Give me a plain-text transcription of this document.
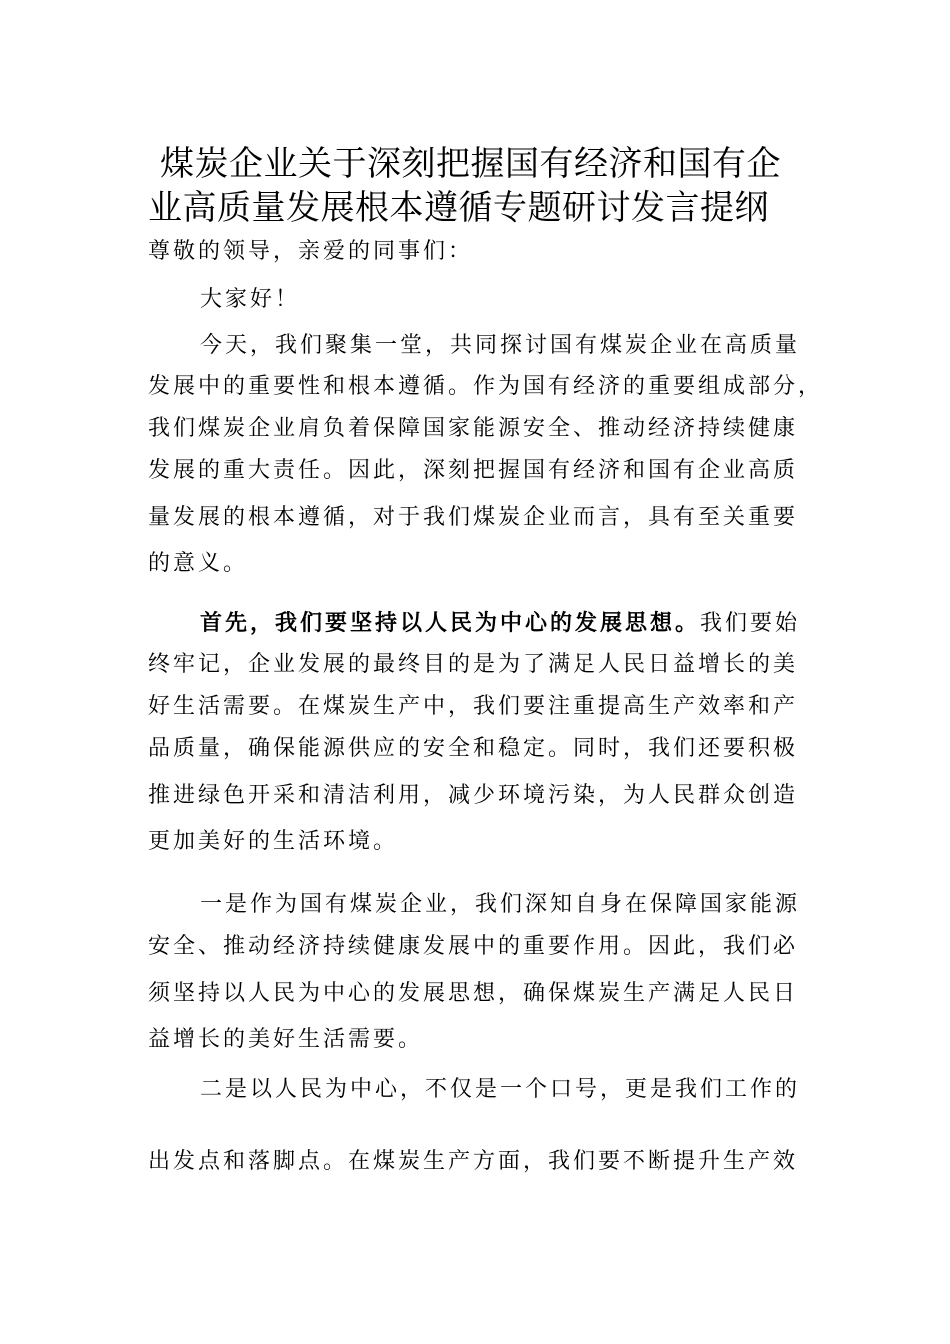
煤炭企业关于深刻把握国有经济和国有企
业高质量发展根本遵循专题研讨发言提纲

尊敬的领导，亲爱的同事们：

大家好！

今天，我们聚集一堂，共同探讨国有煤炭企业在高质量
发展中的重要性和根本遵循。作为国有经济的重要组成部分，
我们煤炭企业肩负着保障国家能源安全、推动经济持续健康
发展的重大责任。因此，深刻把握国有经济和国有企业高质
量发展的根本遵循，对于我们煤炭企业而言，具有至关重要
的意义。

首先，我们要坚持以人民为中心的发展思想。我们要始
终牢记，企业发展的最终目的是为了满足人民日益增长的美
好生活需要。在煤炭生产中，我们要注重提高生产效率和产
品质量，确保能源供应的安全和稳定。同时，我们还要积极
推进绿色开采和清洁利用，减少环境污染，为人民群众创造
更加美好的生活环境。

一是作为国有煤炭企业，我们深知自身在保障国家能源
安全、推动经济持续健康发展中的重要作用。因此，我们必
须坚持以人民为中心的发展思想，确保煤炭生产满足人民日
益增长的美好生活需要。

二是以人民为中心，不仅是一个口号，更是我们工作的
出发点和落脚点。在煤炭生产方面，我们要不断提升生产效
